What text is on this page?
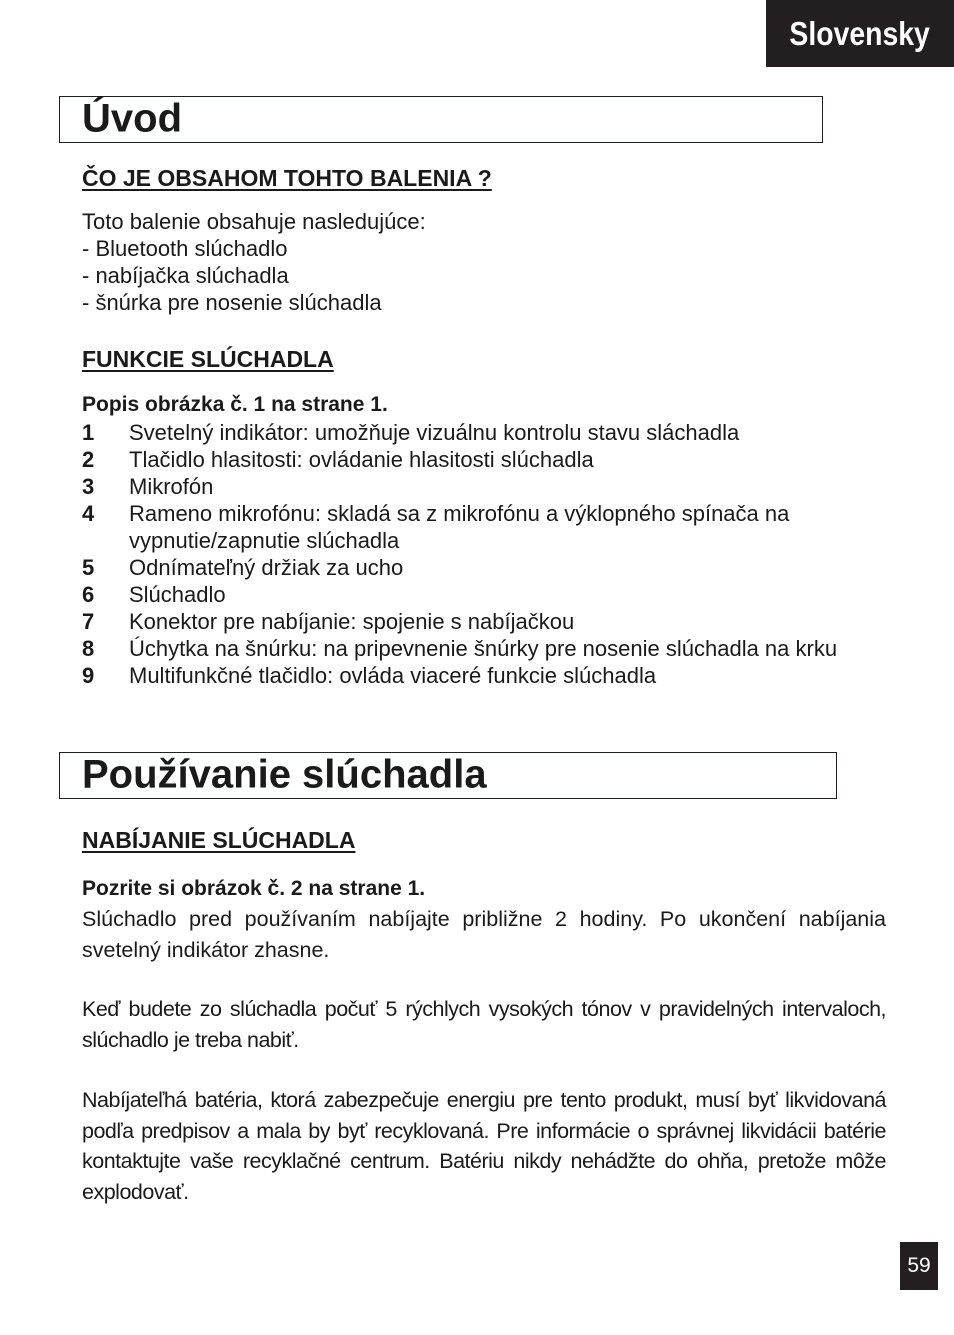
Slovensky
Úvod
ČO JE OBSAHOM TOHTO BALENIA ?
Toto balenie obsahuje nasledujúce:
- Bluetooth slúchadlo
- nabíjačka slúchadla
- šnúrka pre nosenie slúchadla
FUNKCIE SLÚCHADLA

Popis obrázka č. 1 na strane 1.

1	Svetelný indikátor: umožňuje vizuálnu kontrolu stavu sláchadla
2	Tlačidlo hlasitosti: ovládanie hlasitosti slúchadla
3	Mikrofón
4	Rameno mikrofónu: skladá sa z mikrofónu a výklopného spínača na vypnutie/zapnutie slúchadla
5	Odnímateľný držiak za ucho
6	Slúchadlo
7	Konektor pre nabíjanie: spojenie s nabíjačkou
8	Úchytka na šnúrku: na pripevnenie šnúrky pre nosenie slúchadla na krku
9	Multifunkčné tlačidlo: ovláda viaceré funkcie slúchadla
Používanie slúchadla
NABÍJANIE SLÚCHADLA

Pozrite si obrázok č. 2 na strane 1.

Slúchadlo pred používaním nabíjajte približne 2 hodiny. Po ukončení nabíjania svetelný indikátor zhasne.

Keď budete zo slúchadla počuť 5 rýchlych vysokých tónov v pravidelných intervaloch, slúchadlo je treba nabiť.

Nabíjateľhá batéria, ktorá zabezpečuje energiu pre tento produkt, musí byť likvidovaná podľa predpisov a mala by byť recyklovaná. Pre informácie o správnej likvidácii batérie kontaktujte vaše recyklačné centrum. Batériu nikdy nehádžte do ohňa, pretože môže explodovať.

59
